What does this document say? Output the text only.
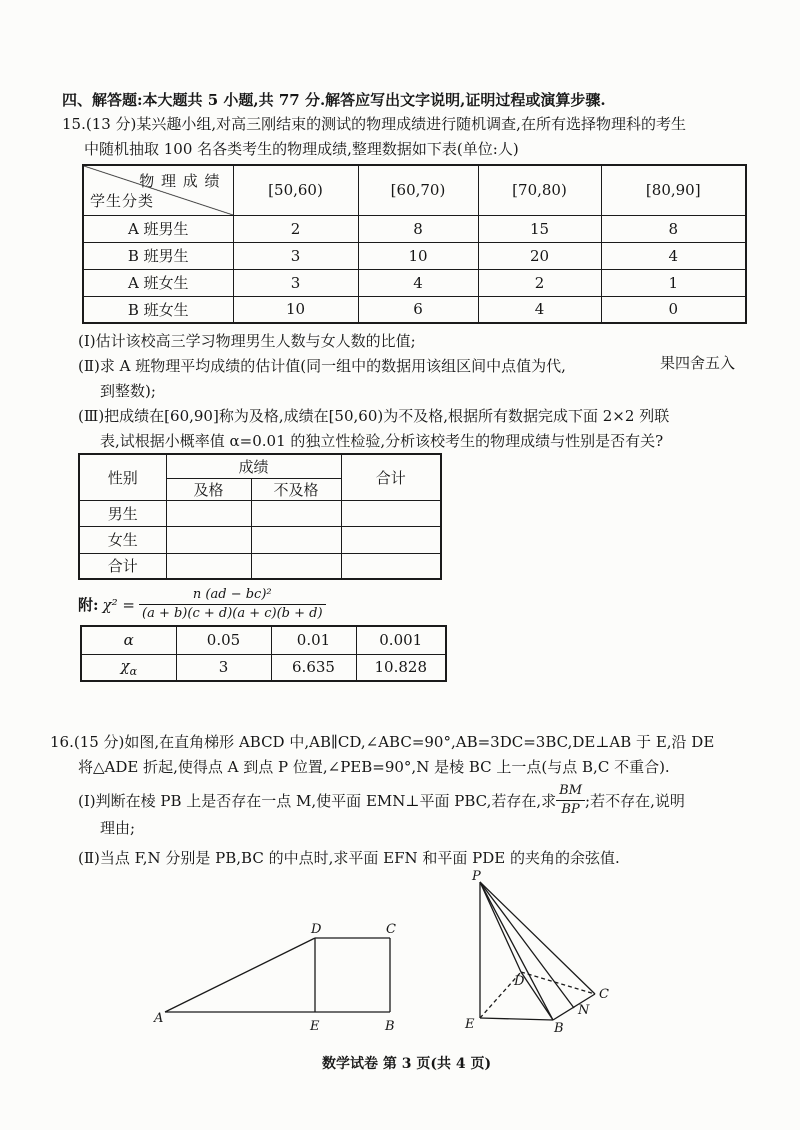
四、解答题:本大题共 5 小题,共 77 分.解答应写出文字说明,证明过程或演算步骤.
15.(13 分)某兴趣小组,对高三刚结束的测试的物理成绩进行随机调查,在所有选择物理科的考生
中随机抽取 100 名各类考生的物理成绩,整理数据如下表(单位:人)
物 理 成 绩
学生分类	[50,60)	[60,70)	[70,80)	[80,90]
A 班男生	2	8	15	8
B 班男生	3	10	20	4
A 班女生	3	4	2	1
B 班女生	10	6	4	0
(Ⅰ)估计该校高三学习物理男生人数与女人数的比值;
(Ⅱ)求 A 班物理平均成绩的估计值(同一组中的数据用该组区间中点值为代,	果四舍五入
到整数);
(Ⅲ)把成绩在[60,90]称为及格,成绩在[50,60)为不及格,根据所有数据完成下面 2×2 列联
表,试根据小概率值 α=0.01 的独立性检验,分析该校考生的物理成绩与性别是否有关?
性别	成绩		合计
	及格	不及格	
男生			
女生			
合计			
附: $\chi^2 = \frac{\text{n (ad − bc)²}}{(a + b)(c + d)(a + c)(b + d)}$
α	0.05	0.01	0.001
$\chi_\alpha$	3	6.635	10.828
16.(15 分)如图,在直角梯形 ABCD 中,AB∥CD,∠ABC=90°,AB=3DC=3BC,DE⊥AB 于 E,沿 DE
将△ADE 折起,使得点 A 到点 P 位置,∠PEB=90°,N 是棱 BC 上一点(与点 B,C 不重合).
(Ⅰ)判断在棱 PB 上是否存在一点 M,使平面 EMN⊥平面 PBC,若存在,求 $\frac{BM}{BP}$ ;若不存在,说明
理由;
(Ⅱ)当点 F,N 分别是 PB,BC 的中点时,求平面 EFN 和平面 PDE 的夹角的余弦值.
A
E	B
D	C
P
D
C
E	B
N
数学试卷 第 3 页(共 4 页)
